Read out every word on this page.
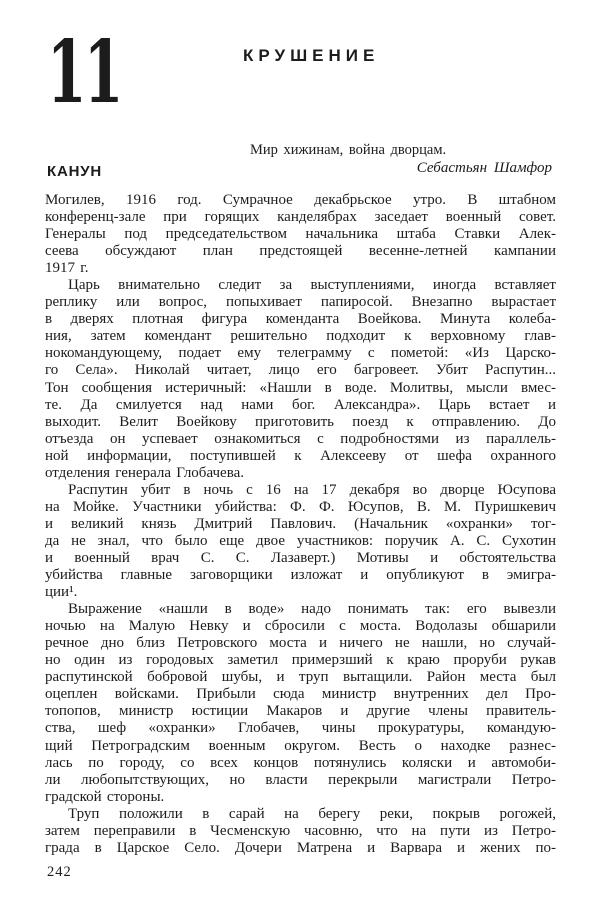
11	КРУШЕНИЕ
Мир хижинам, война дворцам.
Себастьян Шамфор
КАНУН
Могилев, 1916 год. Сумрачное декабрьское утро. В штабном
конференц-зале при горящих канделябрах заседает военный совет.
Генералы под председательством начальника штаба Ставки Алек-
сеева обсуждают план предстоящей весенне-летней кампании
1917 г.
Царь внимательно следит за выступлениями, иногда вставляет
реплику или вопрос, попыхивает папиросой. Внезапно вырастает
в дверях плотная фигура коменданта Воейкова. Минута колеба-
ния, затем комендант решительно подходит к верховному глав-
нокомандующему, подает ему телеграмму с пометой: «Из Царско-
го Села». Николай читает, лицо его багровеет. Убит Распутин...
Тон сообщения истеричный: «Нашли в воде. Молитвы, мысли вмес-
те. Да смилуется над нами бог. Александра». Царь встает и
выходит. Велит Воейкову приготовить поезд к отправлению. До
отъезда он успевает ознакомиться с подробностями из параллель-
ной информации, поступившей к Алексееву от шефа охранного
отделения генерала Глобачева.
Распутин убит в ночь с 16 на 17 декабря во дворце Юсупова
на Мойке. Участники убийства: Ф. Ф. Юсупов, В. М. Пуришкевич
и великий князь Дмитрий Павлович. (Начальник «охранки» тог-
да не знал, что было еще двое участников: поручик А. С. Сухотин
и военный врач С. С. Лазаверт.) Мотивы и обстоятельства
убийства главные заговорщики изложат и опубликуют в эмигра-
ции¹.
Выражение «нашли в воде» надо понимать так: его вывезли
ночью на Малую Невку и сбросили с моста. Водолазы обшарили
речное дно близ Петровского моста и ничего не нашли, но случай-
но один из городовых заметил примерзший к краю проруби рукав
распутинской бобровой шубы, и труп вытащили. Район места был
оцеплен войсками. Прибыли сюда министр внутренних дел Про-
топопов, министр юстиции Макаров и другие члены правитель-
ства, шеф «охранки» Глобачев, чины прокуратуры, командую-
щий Петроградским военным округом. Весть о находке разнес-
лась по городу, со всех концов потянулись коляски и автомоби-
ли любопытствующих, но власти перекрыли магистрали Петро-
градской стороны.
Труп положили в сарай на берегу реки, покрыв рогожей,
затем переправили в Чесменскую часовню, что на пути из Петро-
града в Царское Село. Дочери Матрена и Варвара и жених по-
242
